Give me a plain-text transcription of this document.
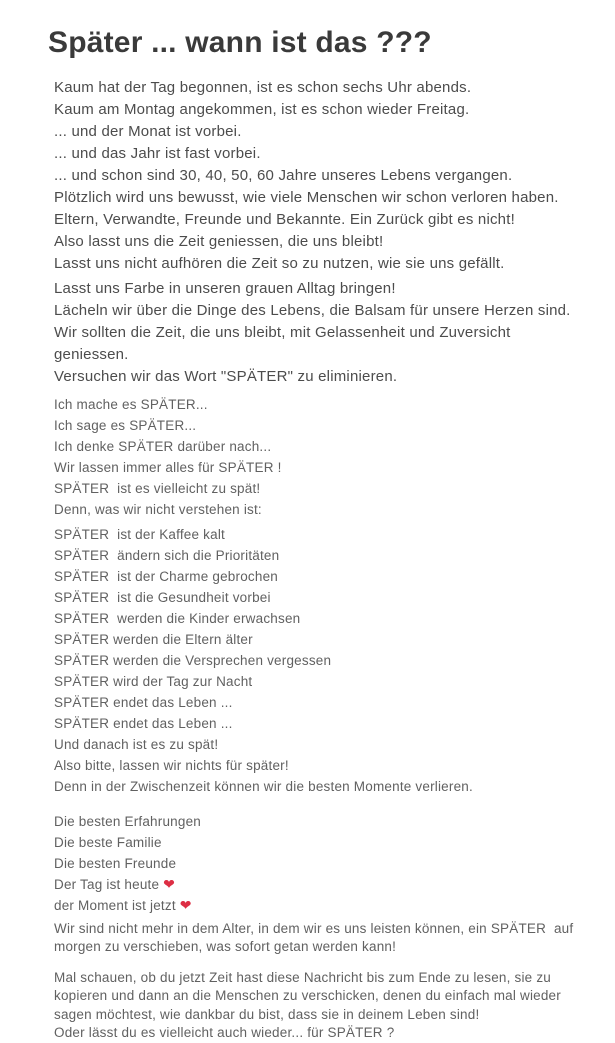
Später ... wann ist das ???

Kaum hat der Tag begonnen, ist es schon sechs Uhr abends.

Kaum am Montag angekommen, ist es schon wieder Freitag.

... und der Monat ist vorbei.

... und das Jahr ist fast vorbei.

... und schon sind 30, 40, 50, 60 Jahre unseres Lebens vergangen.

Plötzlich wird uns bewusst, wie viele Menschen wir schon verloren haben.

Eltern, Verwandte, Freunde und Bekannte. Ein Zurück gibt es nicht!

Also lasst uns die Zeit geniessen, die uns bleibt!

Lasst uns nicht aufhören die Zeit so zu nutzen, wie sie uns gefällt.

Lasst uns Farbe in unseren grauen Alltag bringen!

Lächeln wir über die Dinge des Lebens, die Balsam für unsere Herzen sind.

Wir sollten die Zeit, die uns bleibt, mit Gelassenheit und Zuversicht geniessen.

Versuchen wir das Wort "SPÄTER" zu eliminieren.

Ich mache es SPÄTER...

Ich sage es SPÄTER...

Ich denke SPÄTER darüber nach...

Wir lassen immer alles für SPÄTER !

SPÄTER  ist es vielleicht zu spät!

Denn, was wir nicht verstehen ist:

SPÄTER  ist der Kaffee kalt

SPÄTER  ändern sich die Prioritäten

SPÄTER  ist der Charme gebrochen

SPÄTER  ist die Gesundheit vorbei

SPÄTER  werden die Kinder erwachsen

SPÄTER werden die Eltern älter

SPÄTER werden die Versprechen vergessen

SPÄTER wird der Tag zur Nacht

SPÄTER endet das Leben ...

SPÄTER endet das Leben ...

Und danach ist es zu spät!

Also bitte, lassen wir nichts für später!

Denn in der Zwischenzeit können wir die besten Momente verlieren.

Die besten Erfahrungen

Die beste Familie

Die besten Freunde

Der Tag ist heute ❤

der Moment ist jetzt ❤

Wir sind nicht mehr in dem Alter, in dem wir es uns leisten können, ein SPÄTER  auf

morgen zu verschieben, was sofort getan werden kann!

Mal schauen, ob du jetzt Zeit hast diese Nachricht bis zum Ende zu lesen, sie zu

kopieren und dann an die Menschen zu verschicken, denen du einfach mal wieder

sagen möchtest, wie dankbar du bist, dass sie in deinem Leben sind!

Oder lässt du es vielleicht auch wieder... für SPÄTER ?
